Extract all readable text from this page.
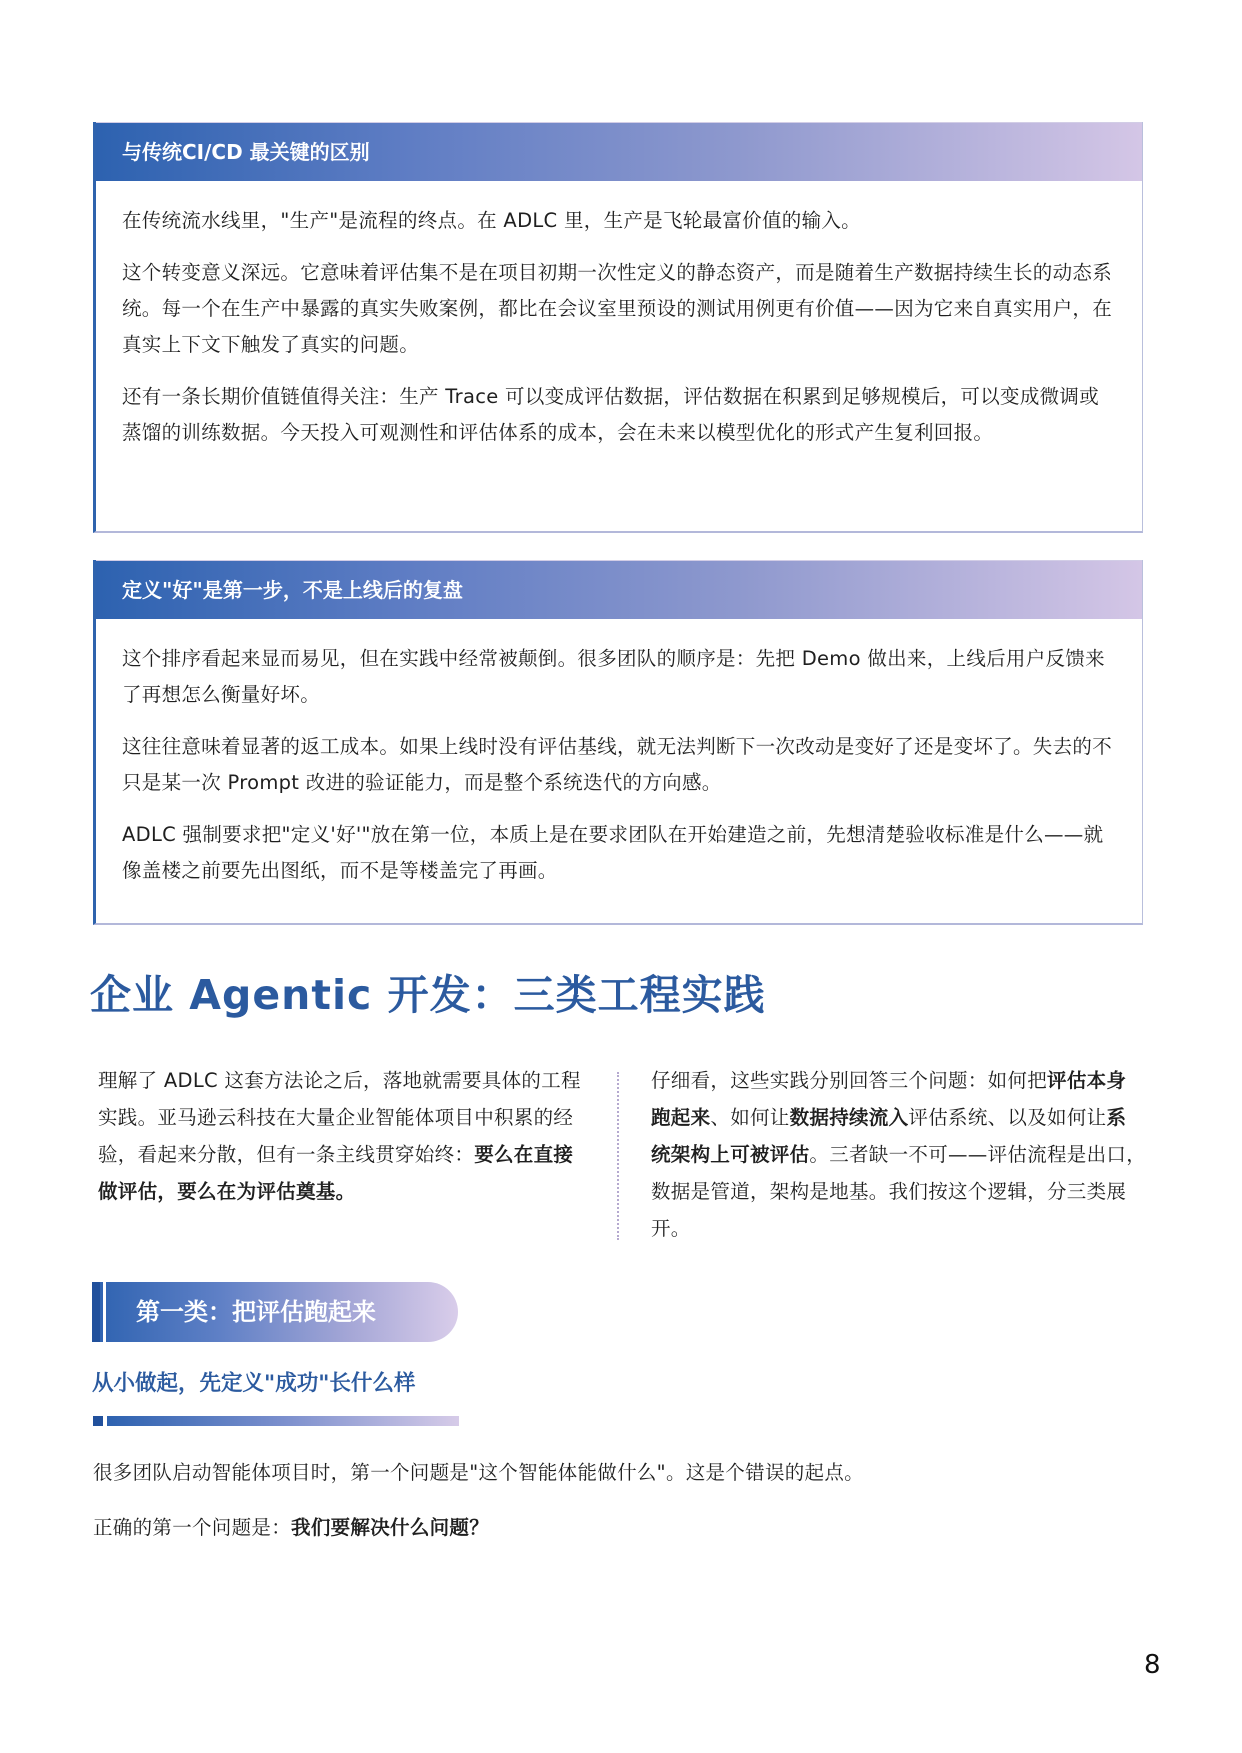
与传统CI/CD 最关键的区别

在传统流水线里，"生产"是流程的终点。在 ADLC 里，生产是飞轮最富价值的输入。

这个转变意义深远。它意味着评估集不是在项目初期一次性定义的静态资产，而是随着生产数据持续生长的动态系统。每一个在生产中暴露的真实失败案例，都比在会议室里预设的测试用例更有价值——因为它来自真实用户，在真实上下文下触发了真实的问题。

还有一条长期价值链值得关注：生产 Trace 可以变成评估数据，评估数据在积累到足够规模后，可以变成微调或蒸馏的训练数据。今天投入可观测性和评估体系的成本，会在未来以模型优化的形式产生复利回报。

定义"好"是第一步，不是上线后的复盘

这个排序看起来显而易见，但在实践中经常被颠倒。很多团队的顺序是：先把 Demo 做出来，上线后用户反馈来了再想怎么衡量好坏。

这往往意味着显著的返工成本。如果上线时没有评估基线，就无法判断下一次改动是变好了还是变坏了。失去的不只是某一次 Prompt 改进的验证能力，而是整个系统迭代的方向感。

ADLC 强制要求把"定义'好'"放在第一位，本质上是在要求团队在开始建造之前，先想清楚验收标准是什么——就像盖楼之前要先出图纸，而不是等楼盖完了再画。

企业 Agentic 开发：三类工程实践

理解了 ADLC 这套方法论之后，落地就需要具体的工程实践。亚马逊云科技在大量企业智能体项目中积累的经验，看起来分散，但有一条主线贯穿始终：要么在直接做评估，要么在为评估奠基。

仔细看，这些实践分别回答三个问题：如何把评估本身跑起来、如何让数据持续流入评估系统、以及如何让系统架构上可被评估。三者缺一不可——评估流程是出口，数据是管道，架构是地基。我们按这个逻辑，分三类展开。

第一类：把评估跑起来
从小做起，先定义"成功"长什么样

很多团队启动智能体项目时，第一个问题是"这个智能体能做什么"。这是个错误的起点。

正确的第一个问题是：我们要解决什么问题？

8
